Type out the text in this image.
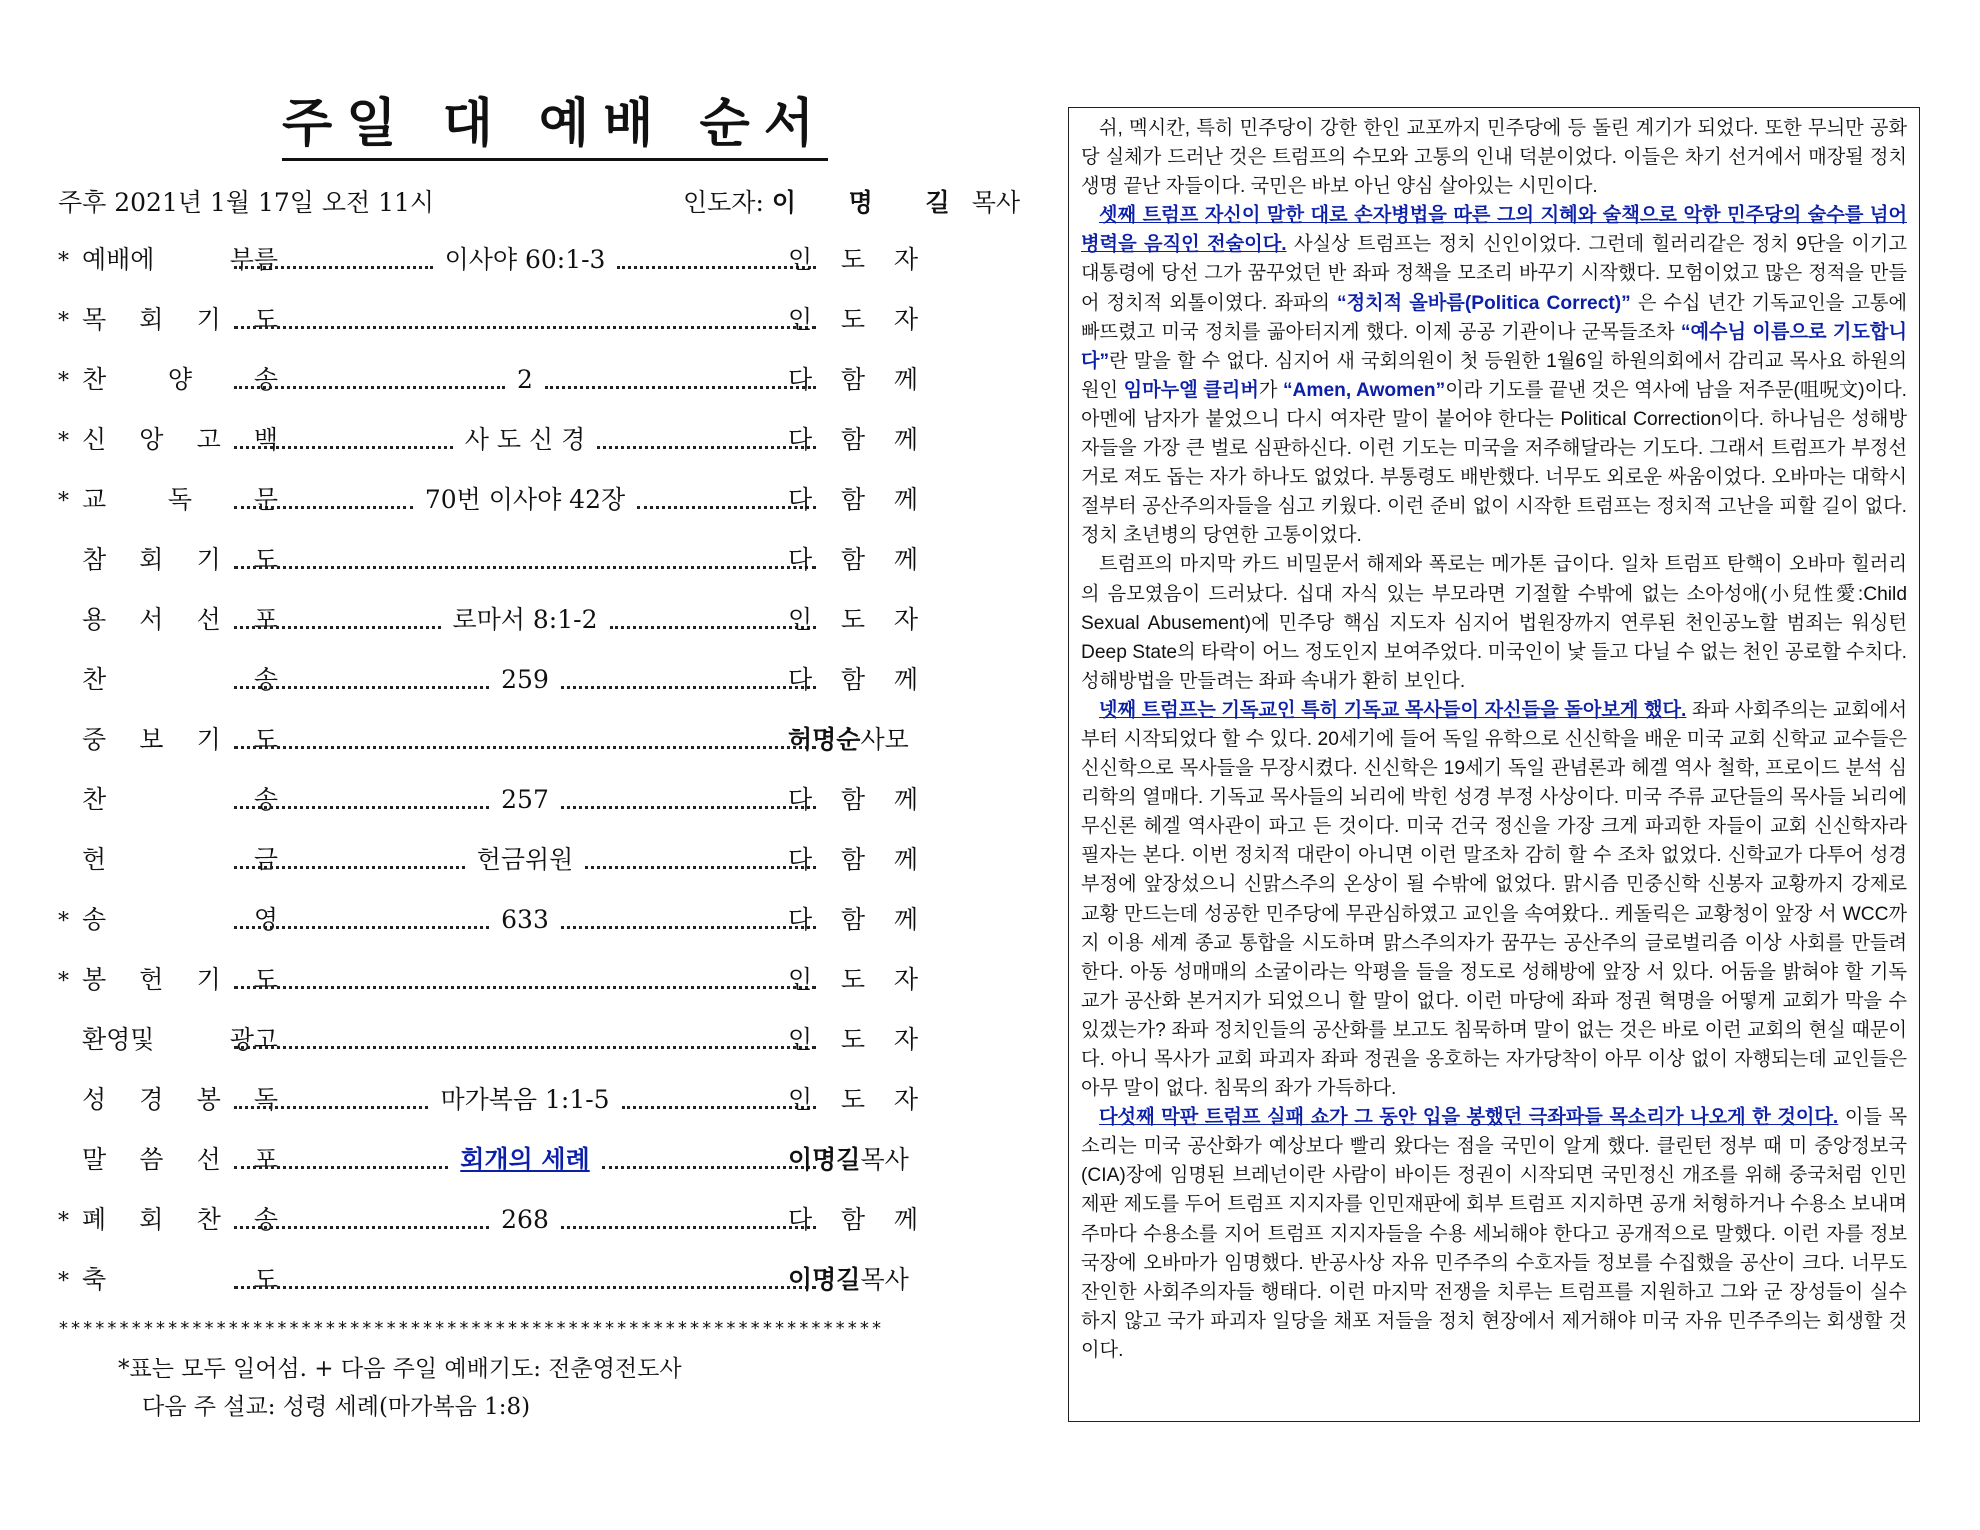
주일 대 예배 순서
주후 2021년 1월 17일 오전 11시	인도자: 이 명 길목사
* 예배에	부름	이사야 60:1-3	인 도 자
* 목 회 기 도	인 도 자
* 찬 양 송	2	다 함 께
* 신 앙 고 백	사 도 신 경	다 함 께
* 교 독 문	70번 이사야 42장	다 함 께
참 회 기 도	다 함 께
용 서 선 포	로마서 8:1-2	인 도 자
찬	송	259	다 함 께
중 보 기 도	허명순 사모
찬	송	257	다 함 께
헌	금	헌금위원	다 함 께
* 송	영	633	다 함 께
* 봉 헌 기 도	인 도 자
환영및	광고	인 도 자
성 경 봉 독	마가복음 1:1-5	인 도 자
말 씀 선 포	회개의 세례	이명길 목사
* 폐 회 찬 송	268	다 함 께
* 축	도	이명길 목사
********************************************************************
*표는 모두 일어섬. + 다음 주일 예배기도: 전춘영전도사
다음 주 설교: 성령 세례(마가복음 1:8)

쉬, 멕시칸, 특히 민주당이 강한 한인 교포까지 민주당에 등 돌린 계기가 되었다. 또한 무늬만 공화당 실체가 드러난 것은 트럼프의 수모와 고통의 인내 덕분이었다. 이들은 차기 선거에서 매장될 정치 생명 끝난 자들이다. 국민은 바보 아닌 양심 살아있는 시민이다.

셋째 트럼프 자신이 말한 대로 손자병법을 따른 그의 지혜와 술책으로 악한 민주당의 술수를 넘어 병력을 음직인 전술이다. 사실상 트럼프는 정치 신인이었다. 그런데 힐러리같은 정치 9단을 이기고 대통령에 당선 그가 꿈꾸었던 반 좌파 정책을 모조리 바꾸기 시작했다. 모험이었고 많은 정적을 만들어 정치적 외톨이였다. 좌파의 “정치적 올바름(Politica Correct)” 은 수십 년간 기독교인을 고통에 빠뜨렸고 미국 정치를 곪아터지게 했다. 이제 공공 기관이나 군목들조차 “예수님 이름으로 기도합니다”란 말을 할 수 없다. 심지어 새 국회의원이 첫 등원한 1월6일 하원의회에서 감리교 목사요 하원의원인 임마누엘 클리버가 “Amen, Awomen”이라 기도를 끝낸 것은 역사에 남을 저주문(咀呪文)이다. 아멘에 남자가 붙었으니 다시 여자란 말이 붙어야 한다는 Political Correction이다. 하나님은 성해방자들을 가장 큰 벌로 심판하신다. 이런 기도는 미국을 저주해달라는 기도다. 그래서 트럼프가 부정선거로 져도 돕는 자가 하나도 없었다. 부통령도 배반했다. 너무도 외로운 싸움이었다. 오바마는 대학시절부터 공산주의자들을 심고 키웠다. 이런 준비 없이 시작한 트럼프는 정치적 고난을 피할 길이 없다. 정치 초년병의 당연한 고통이었다.

트럼프의 마지막 카드 비밀문서 해제와 폭로는 메가톤 급이다. 일차 트럼프 탄핵이 오바마 힐러리의 음모였음이 드러났다. 십대 자식 있는 부모라면 기절할 수밖에 없는 소아성애(小兒性愛:Child Sexual Abusement)에 민주당 핵심 지도자 심지어 법원장까지 연루된 천인공노할 범죄는 워싱턴 Deep State의 타락이 어느 정도인지 보여주었다. 미국인이 낯 들고 다닐 수 없는 천인 공로할 수치다. 성해방법을 만들려는 좌파 속내가 환히 보인다.

넷째 트럼프는 기독교인 특히 기독교 목사들이 자신들을 돌아보게 했다. 좌파 사회주의는 교회에서부터 시작되었다 할 수 있다. 20세기에 들어 독일 유학으로 신신학을 배운 미국 교회 신학교 교수들은 신신학으로 목사들을 무장시켰다. 신신학은 19세기 독일 관념론과 헤겔 역사 철학, 프로이드 분석 심리학의 열매다. 기독교 목사들의 뇌리에 박힌 성경 부정 사상이다. 미국 주류 교단들의 목사들 뇌리에 무신론 헤겔 역사관이 파고 든 것이다. 미국 건국 정신을 가장 크게 파괴한 자들이 교회 신신학자라 필자는 본다. 이번 정치적 대란이 아니면 이런 말조차 감히 할 수 조차 없었다. 신학교가 다투어 성경 부정에 앞장섰으니 신맑스주의 온상이 될 수밖에 없었다. 맑시즘 민중신학 신봉자 교황까지 강제로 교황 만드는데 성공한 민주당에 무관심하였고 교인을 속여왔다.. 케돌릭은 교황청이 앞장 서 WCC까지 이용 세계 종교 통합을 시도하며 맑스주의자가 꿈꾸는 공산주의 글로벌리즘 이상 사회를 만들려 한다. 아동 성매매의 소굴이라는 악평을 들을 정도로 성해방에 앞장 서 있다. 어둠을 밝혀야 할 기독교가 공산화 본거지가 되었으니 할 말이 없다. 이런 마당에 좌파 정권 혁명을 어떻게 교회가 막을 수 있겠는가? 좌파 정치인들의 공산화를 보고도 침묵하며 말이 없는 것은 바로 이런 교회의 현실 때문이다. 아니 목사가 교회 파괴자 좌파 정권을 옹호하는 자가당착이 아무 이상 없이 자행되는데 교인들은 아무 말이 없다. 침묵의 좌가 가득하다.

다섯째 막판 트럼프 실패 쇼가 그 동안 입을 봉했던 극좌파들 목소리가 나오게 한 것이다. 이들 목소리는 미국 공산화가 예상보다 빨리 왔다는 점을 국민이 알게 했다. 클린턴 정부 때 미 중앙정보국(CIA)장에 임명된 브레넌이란 사람이 바이든 정권이 시작되면 국민정신 개조를 위해 중국처럼 인민 제판 제도를 두어 트럼프 지지자를 인민재판에 회부 트럼프 지지하면 공개 처형하거나 수용소 보내며 주마다 수용소를 지어 트럼프 지지자들을 수용 세뇌해야 한다고 공개적으로 말했다. 이런 자를 정보국장에 오바마가 임명했다. 반공사상 자유 민주주의 수호자들 정보를 수집했을 공산이 크다. 너무도 잔인한 사회주의자들 행태다. 이런 마지막 전쟁을 치루는 트럼프를 지원하고 그와 군 장성들이 실수하지 않고 국가 파괴자 일당을 채포 저들을 정치 현장에서 제거해야 미국 자유 민주주의는 회생할 것이다.
